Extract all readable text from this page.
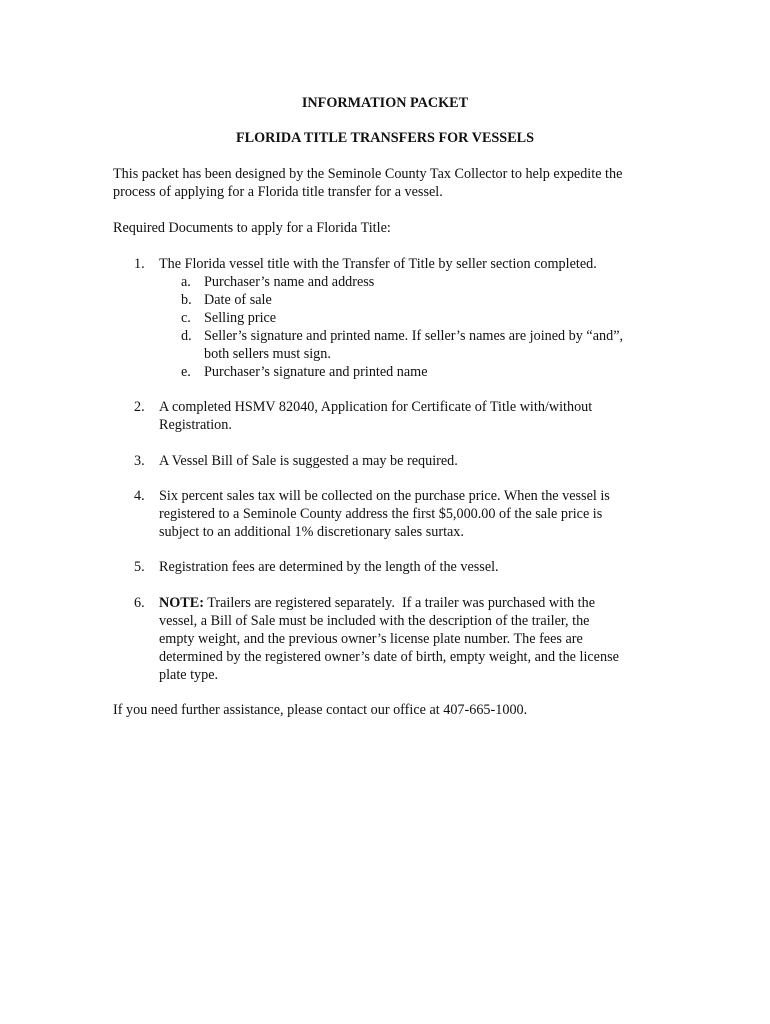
INFORMATION PACKET
FLORIDA TITLE TRANSFERS FOR VESSELS

This packet has been designed by the Seminole County Tax Collector to help expedite the
process of applying for a Florida title transfer for a vessel.

Required Documents to apply for a Florida Title:

1. The Florida vessel title with the Transfer of Title by seller section completed.
a. Purchaser’s name and address
b. Date of sale
c. Selling price
d. Seller’s signature and printed name. If seller’s names are joined by “and”,
both sellers must sign.
e. Purchaser’s signature and printed name
2. A completed HSMV 82040, Application for Certificate of Title with/without
Registration.
3. A Vessel Bill of Sale is suggested a may be required.
4. Six percent sales tax will be collected on the purchase price. When the vessel is
registered to a Seminole County address the first $5,000.00 of the sale price is
subject to an additional 1% discretionary sales surtax.
5. Registration fees are determined by the length of the vessel.
6. NOTE: Trailers are registered separately.  If a trailer was purchased with the
vessel, a Bill of Sale must be included with the description of the trailer, the
empty weight, and the previous owner’s license plate number. The fees are
determined by the registered owner’s date of birth, empty weight, and the license
plate type.

If you need further assistance, please contact our office at 407-665-1000.
